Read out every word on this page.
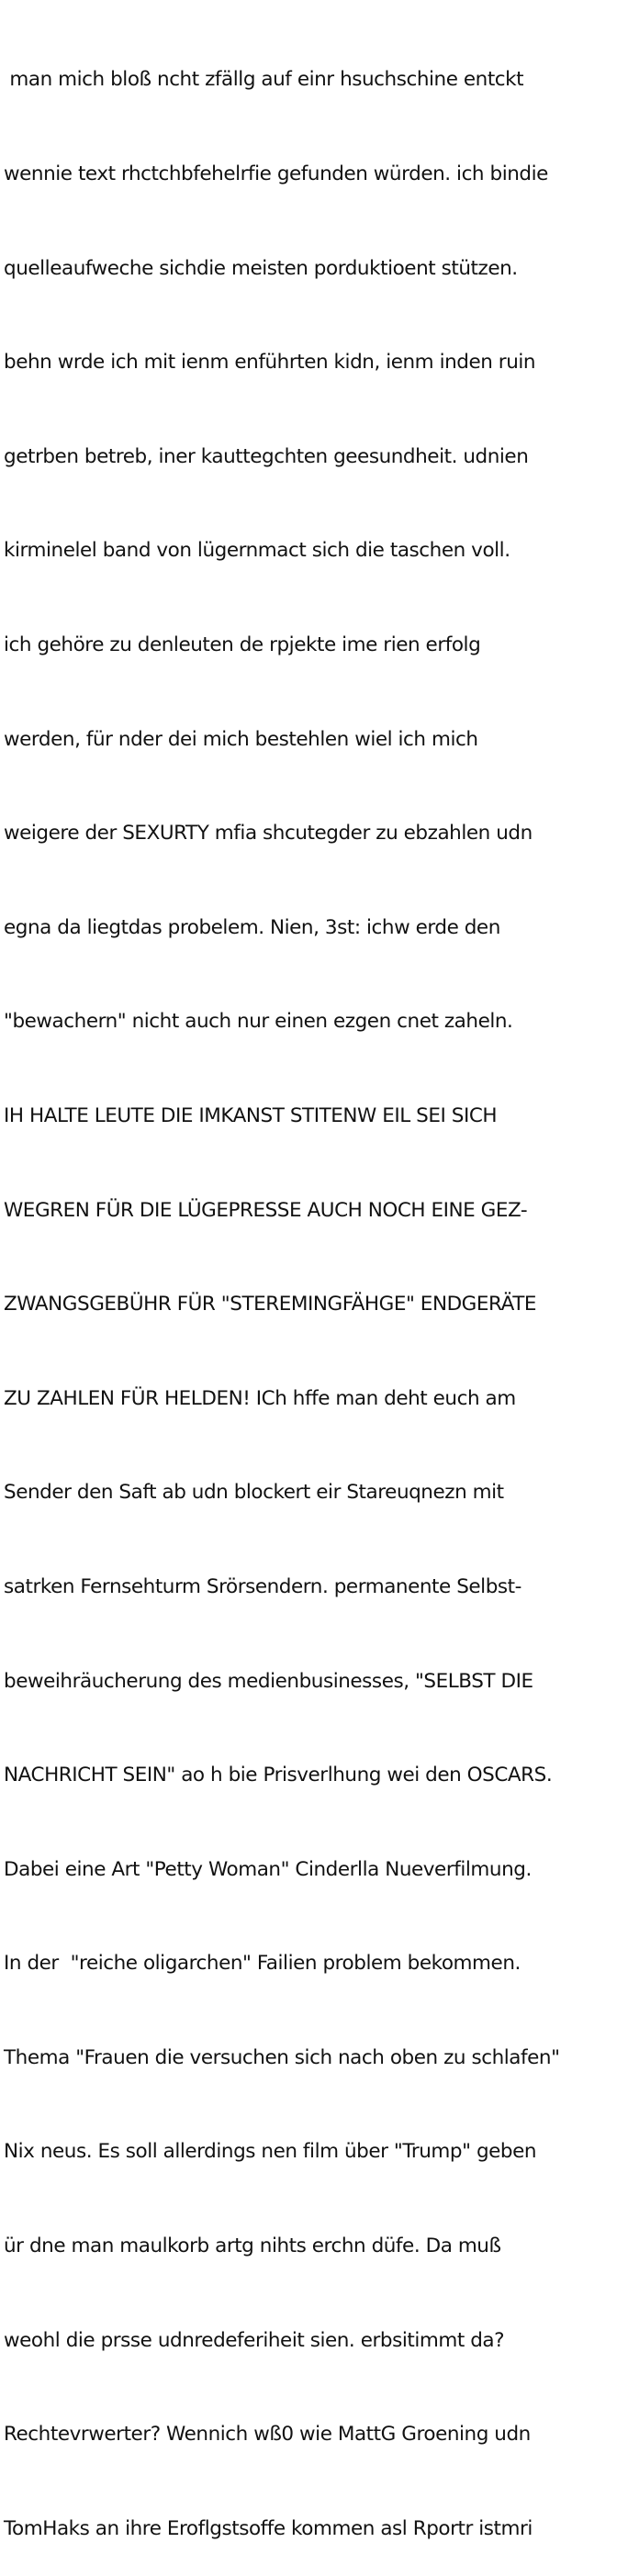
man mich bloß ncht zfällg auf einr hsuchschine entckt

wennie text rhctchbfehelrfie gefunden würden. ich bindie

quelleaufweche sichdie meisten porduktioent stützen.

behn wrde ich mit ienm enführten kidn, ienm inden ruin

getrben betreb, iner kauttegchten geesundheit. udnien

kirminelel band von lügernmact sich die taschen voll.

ich gehöre zu denleuten de rpjekte ime rien erfolg

werden, für nder dei mich bestehlen wiel ich mich

weigere der SEXURTY mfia shcutegder zu ebzahlen udn

egna da liegtdas probelem. Nien, 3st: ichw erde den

"bewachern" nicht auch nur einen ezgen cnet zaheln.

IH HALTE LEUTE DIE IMKANST STITENW EIL SEI SICH

WEGREN FÜR DIE LÜGEPRESSE AUCH NOCH EINE GEZ-

ZWANGSGEBÜHR FÜR "STEREMINGFÄHGE" ENDGERÄTE

ZU ZAHLEN FÜR HELDEN! ICh hffe man deht euch am

Sender den Saft ab udn blockert eir Stareuqnezn mit

satrken Fernsehturm Srörsendern. permanente Selbst-

beweihräucherung des medienbusinesses, "SELBST DIE

NACHRICHT SEIN" ao h bie Prisverlhung wei den OSCARS.

Dabei eine Art "Petty Woman" Cinderlla Nueverfilmung.

In der  "reiche oligarchen" Failien problem bekommen.

Thema "Frauen die versuchen sich nach oben zu schlafen"

Nix neus. Es soll allerdings nen film über "Trump" geben

ür dne man maulkorb artg nihts erchn düfe. Da muß

weohl die prsse udnredeferiheit sien. erbsitimmt da?

Rechtevrwerter? Wennich wß0 wie MattG Groening udn

TomHaks an ihre Eroflgstsoffe kommen asl Rportr istmri
